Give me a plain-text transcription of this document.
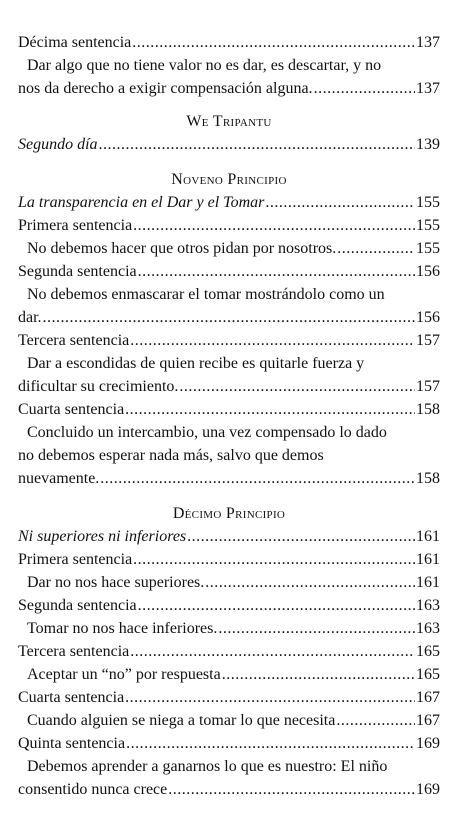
Décima sentencia .....	137
Dar algo que no tiene valor no es dar, es descartar, y no
nos da derecho a exigir compensación alguna. .....	137
We Tripantu
Segundo día .....	139
Noveno Principio
La transparencia en el Dar y el Tomar .....	155
Primera sentencia .....	155
No debemos hacer que otros pidan por nosotros. .....	155
Segunda sentencia .....	156
No debemos enmascarar el tomar mostrándolo como un
dar. .....	156
Tercera sentencia .....	157
Dar a escondidas de quien recibe es quitarle fuerza y
dificultar su crecimiento. .....	157
Cuarta sentencia .....	158
Concluido un intercambio, una vez compensado lo dado
no debemos esperar nada más, salvo que demos
nuevamente. .....	158
Décimo Principio
Ni superiores ni inferiores .....	161
Primera sentencia .....	161
Dar no nos hace superiores. .....	161
Segunda sentencia .....	163
Tomar no nos hace inferiores. .....	163
Tercera sentencia .....	165
Aceptar un “no” por respuesta .....	165
Cuarta sentencia .....	167
Cuando alguien se niega a tomar lo que necesita .....	167
Quinta sentencia .....	169
Debemos aprender a ganarnos lo que es nuestro: El niño
consentido nunca crece .....	169
